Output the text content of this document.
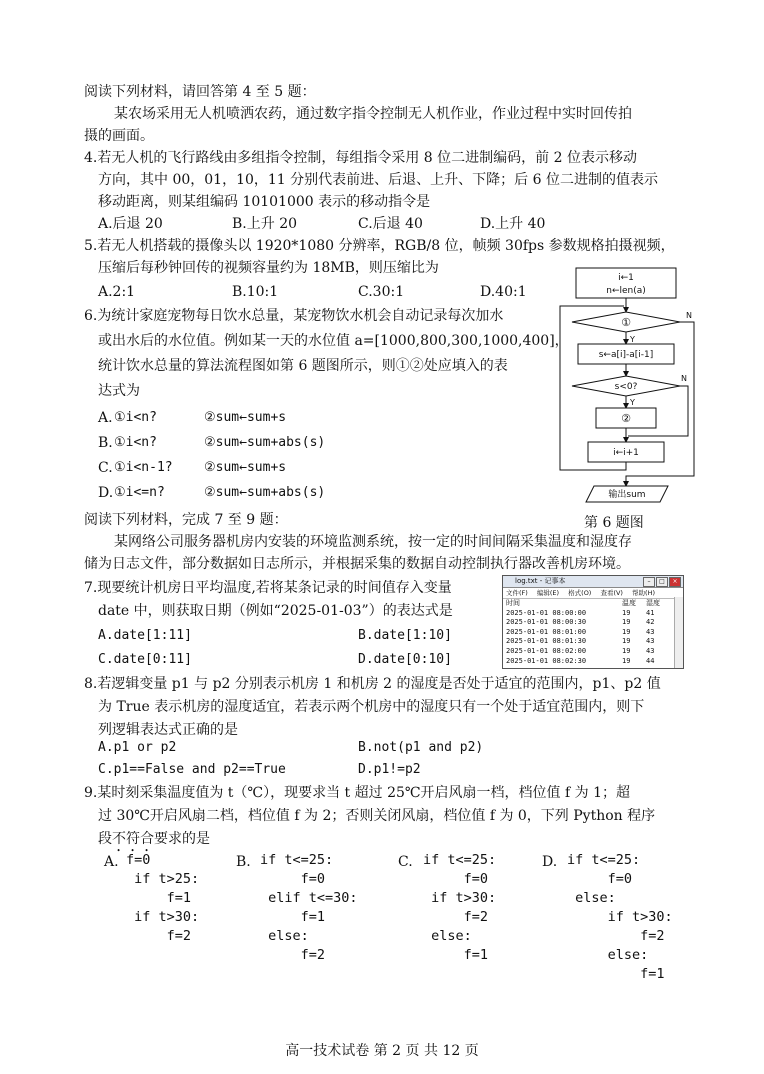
阅读下列材料，请回答第 4 至 5 题：
某农场采用无人机喷洒农药，通过数字指令控制无人机作业，作业过程中实时回传拍
摄的画面。
4.若无人机的飞行路线由多组指令控制，每组指令采用 8 位二进制编码，前 2 位表示移动
方向，其中 00，01，10，11 分别代表前进、后退、上升、下降；后 6 位二进制的值表示
移动距离，则某组编码 10101000 表示的移动指令是
A.后退 20	B.上升 20	C.后退 40	D.上升 40
5.若无人机搭载的摄像头以 1920*1080 分辨率，RGB/8 位，帧频 30fps 参数规格拍摄视频，
压缩后每秒钟回传的视频容量约为 18MB，则压缩比为
A.2:1	B.10:1	C.30:1	D.40:1
6.为统计家庭宠物每日饮水总量，某宠物饮水机会自动记录每次加水
或出水后的水位值。例如某一天的水位值 a=[1000,800,300,1000,400]，
统计饮水总量的算法流程图如第 6 题图所示，则①②处应填入的表
达式为
A. ①i<n?	②sum←sum+s
B. ①i<n?	②sum←sum+abs(s)
C. ①i<n-1? ②sum←sum+s
D. ①i<=n?	②sum←sum+abs(s)
i←1
n←len(a)
①
s←a[i]-a[i-1]
s<0?
②
i←i+1
输出sum
Y
Y
N
N
第 6 题图
阅读下列材料，完成 7 至 9 题：
某网络公司服务器机房内安装的环境监测系统，按一定的时间间隔采集温度和湿度存
储为日志文件，部分数据如日志所示，并根据采集的数据自动控制执行器改善机房环境。
log.txt - 记事本	–	□	×
文件(F) 编辑(E) 格式(O) 查看(V) 帮助(H)
时间	温度	湿度
2025-01-01 08:00:00	19	41
2025-01-01 08:00:30	19	42
2025-01-01 08:01:00	19	43
2025-01-01 08:01:30	19	43
2025-01-01 08:02:00	19	43
2025-01-01 08:02:30	19	44
7.现要统计机房日平均温度,若将某条记录的时间值存入变量
date 中，则获取日期（例如“2025-01-03”）的表达式是
A.date[1:11]	B.date[1:10]
C.date[0:11]	D.date[0:10]
8.若逻辑变量 p1 与 p2 分别表示机房 1 和机房 2 的湿度是否处于适宜的范围内，p1、p2 值
为 True 表示机房的湿度适宜，若表示两个机房中的湿度只有一个处于适宜范围内，则下
列逻辑表达式正确的是
A.p1 or p2	B.not(p1 and p2)
C.p1==False and p2==True	D.p1!=p2
9.某时刻采集温度值为 t（℃），现要求当 t 超过 25℃开启风扇一档，档位值 f 为 1；超
过 30℃开启风扇二档，档位值 f 为 2；否则关闭风扇，档位值 f 为 0，下列 Python 程序
段不符合要求的是
A.	B.	C.	D.
f=0
if t>25:
f=1
if t>30:
f=2
if t<=25:
f=0
elif t<=30:
f=1
else:
f=2
if t<=25:
f=0
if t>30:
f=2
else:
f=1
if t<=25:
f=0
else:
if t>30:
f=2
else:
f=1
高一技术试卷 第 2 页 共 12 页
